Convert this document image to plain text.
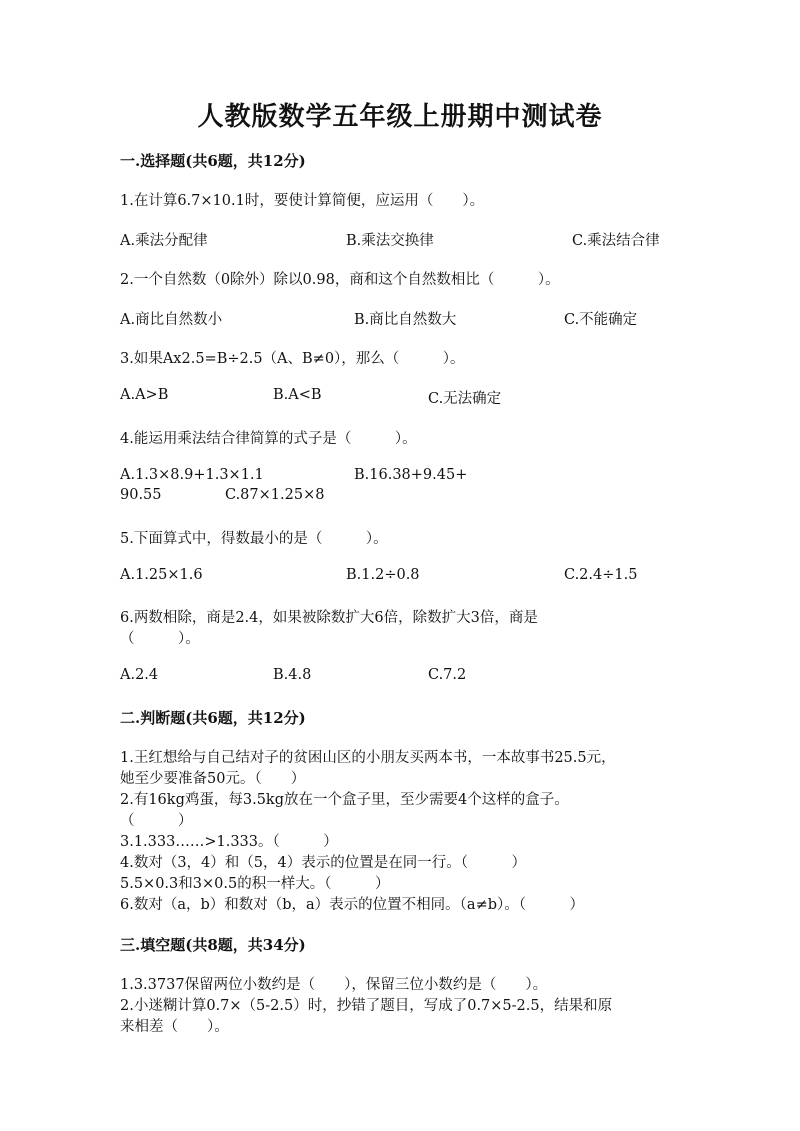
人教版数学五年级上册期中测试卷
一.选择题(共6题，共12分)
1.在计算6.7×10.1时，要使计算简便，应运用（　　）。
A.乘法分配律	B.乘法交换律	C.乘法结合律
2.一个自然数（0除外）除以0.98，商和这个自然数相比（　　　）。
A.商比自然数小	B.商比自然数大	C.不能确定
3.如果Ax2.5=B÷2.5（A、B≠0），那么（　　　）。
A.A>B	B.A<B	C.无法确定
4.能运用乘法结合律简算的式子是（　　　）。
A.1.3×8.9+1.3×1.1	B.16.38+9.45+
90.55	C.87×1.25×8
5.下面算式中，得数最小的是（　　　）。
A.1.25×1.6	B.1.2÷0.8	C.2.4÷1.5
6.两数相除，商是2.4，如果被除数扩大6倍，除数扩大3倍，商是
（　　　）。
A.2.4	B.4.8	C.7.2
二.判断题(共6题，共12分)
1.王红想给与自己结对子的贫困山区的小朋友买两本书，一本故事书25.5元，
她至少要准备50元。（　　）
2.有16kg鸡蛋，每3.5kg放在一个盒子里，至少需要4个这样的盒子。
（　　　）
3.1.333……>1.333。（　　　）
4.数对（3，4）和（5，4）表示的位置是在同一行。（　　　）
5.5×0.3和3×0.5的积一样大。（　　　）
6.数对（a，b）和数对（b，a）表示的位置不相同。（a≠b）。（　　　）
三.填空题(共8题，共34分)
1.3.3737保留两位小数约是（　　），保留三位小数约是（　　）。
2.小迷糊计算0.7×（5-2.5）时，抄错了题目，写成了0.7×5-2.5，结果和原
来相差（　　）。
